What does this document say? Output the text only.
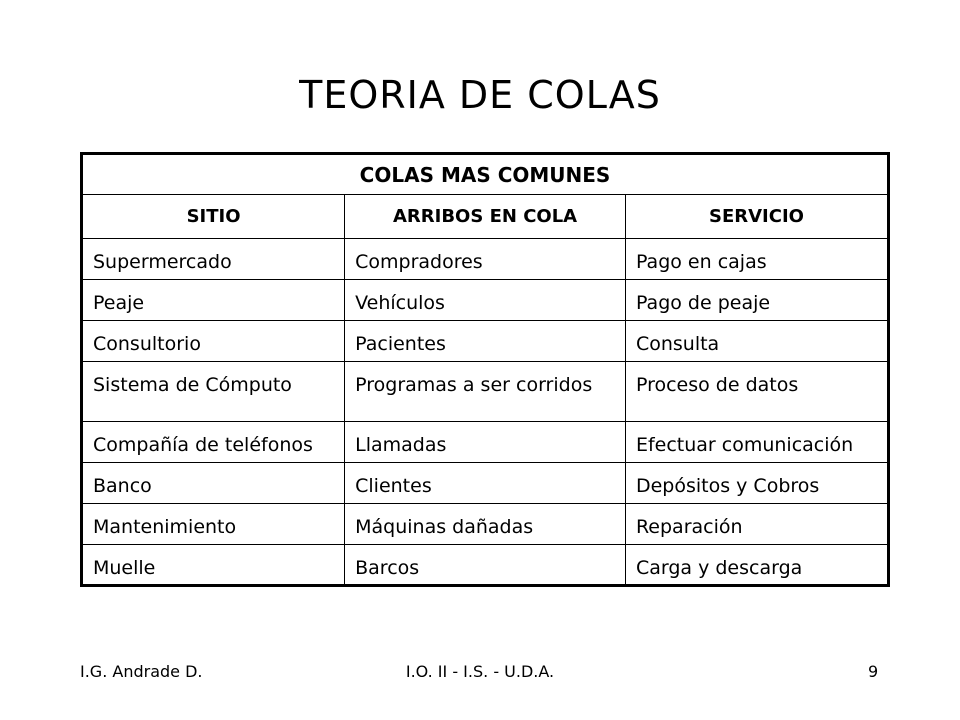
TEORIA DE COLAS
COLAS MAS COMUNES		
SITIO	ARRIBOS EN COLA	SERVICIO
Supermercado	Compradores	Pago en cajas
Peaje	Vehículos	Pago de peaje
Consultorio	Pacientes	Consulta
Sistema de Cómputo	Programas a ser corridos	Proceso de datos
Compañía de teléfonos	Llamadas	Efectuar comunicación
Banco	Clientes	Depósitos y Cobros
Mantenimiento	Máquinas dañadas	Reparación
Muelle	Barcos	Carga y descarga
I.G. Andrade D.	I.O. II - I.S. - U.D.A.	9
